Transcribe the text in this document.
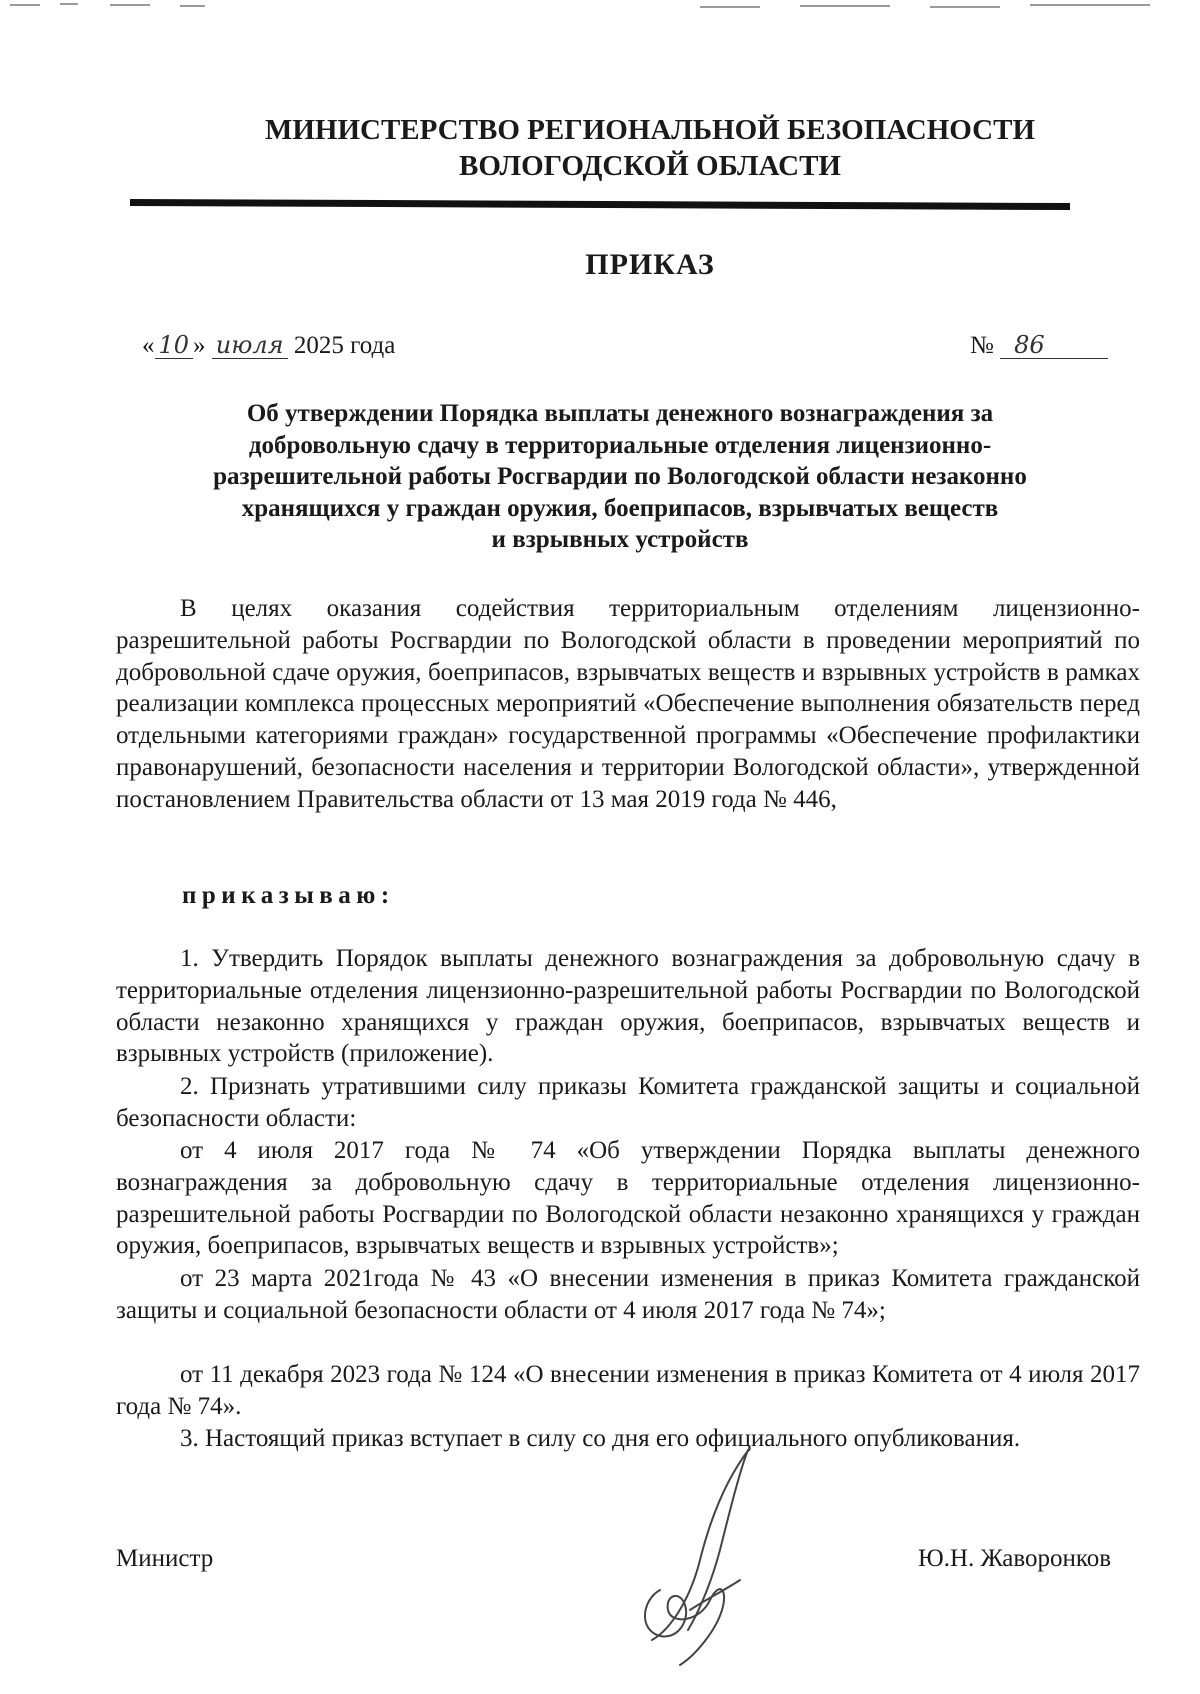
МИНИСТЕРСТВО РЕГИОНАЛЬНОЙ БЕЗОПАСНОСТИ
ВОЛОГОДСКОЙ ОБЛАСТИ
ПРИКАЗ
« 10 » июля 2025 года	№ 86
Об утверждении Порядка выплаты денежного вознаграждения за
добровольную сдачу в территориальные отделения лицензионно-
разрешительной работы Росгвардии по Вологодской области незаконно
хранящихся у граждан оружия, боеприпасов, взрывчатых веществ
и взрывных устройств
В целях оказания содействия территориальным отделениям лицензионно-разрешительной работы Росгвардии по Вологодской области в проведении мероприятий по добровольной сдаче оружия, боеприпасов, взрывчатых веществ и взрывных устройств в рамках реализации комплекса процессных мероприятий «Обеспечение выполнения обязательств перед отдельными категориями граждан» государственной программы «Обеспечение профилактики правонарушений, безопасности населения и территории Вологодской области», утвержденной постановлением Правительства области от 13 мая 2019 года № 446,
приказываю:
1. Утвердить Порядок выплаты денежного вознаграждения за добровольную сдачу в территориальные отделения лицензионно-разрешительной работы Росгвардии по Вологодской области незаконно хранящихся у граждан оружия, боеприпасов, взрывчатых веществ и взрывных устройств (приложение).
2. Признать утратившими силу приказы Комитета гражданской защиты и социальной безопасности области:
от 4 июля 2017 года № 74 «Об утверждении Порядка выплаты денежного вознаграждения за добровольную сдачу в территориальные отделения лицензионно-разрешительной работы Росгвардии по Вологодской области незаконно хранящихся у граждан оружия, боеприпасов, взрывчатых веществ и взрывных устройств»;
от 23 марта 2021года № 43 «О внесении изменения в приказ Комитета гражданской защиты и социальной безопасности области от 4 июля 2017 года № 74»;
от 11 декабря 2023 года № 124 «О внесении изменения в приказ Комитета от 4 июля 2017 года № 74».
3. Настоящий приказ вступает в силу со дня его официального опубликования.
Министр	Ю.Н. Жаворонков
